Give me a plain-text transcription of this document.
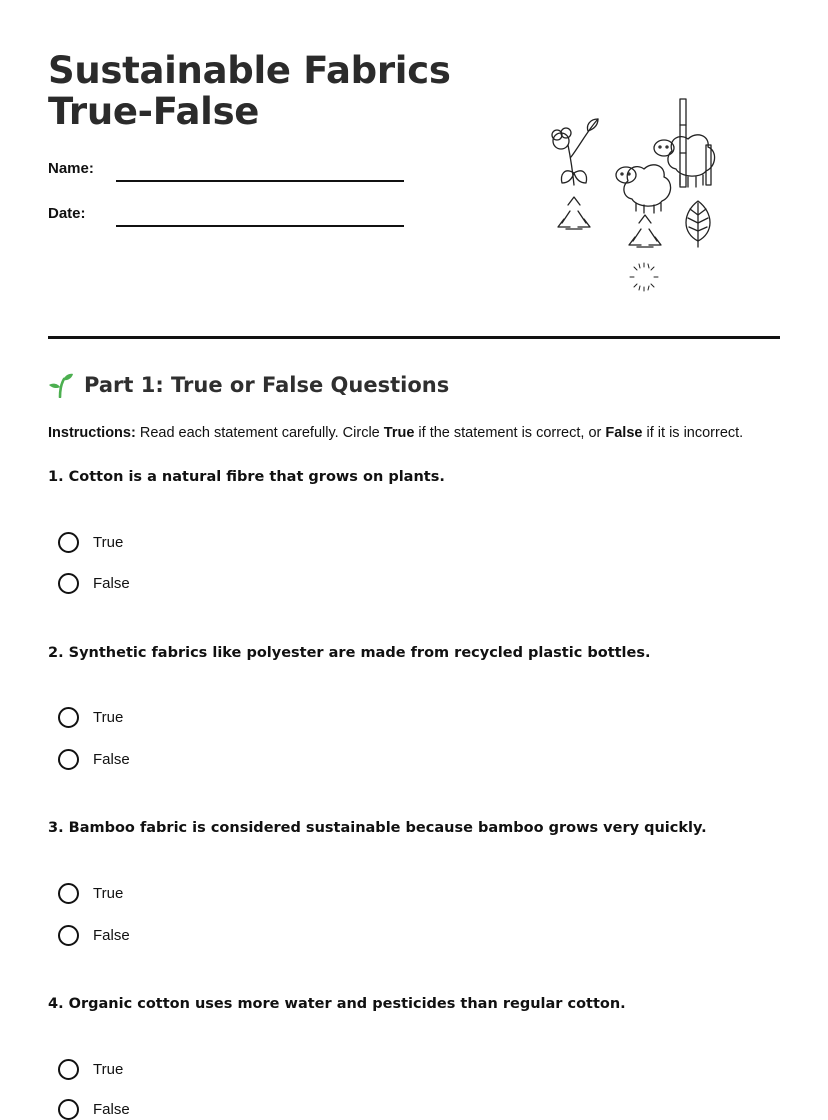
Sustainable Fabrics
True-False
Name:
Date:
Part 1: True or False Questions
Instructions: Read each statement carefully. Circle True if the statement is correct, or False if it is incorrect.

1. Cotton is a natural fibre that grows on plants.

True
False

2. Synthetic fabrics like polyester are made from recycled plastic bottles.

True
False

3. Bamboo fabric is considered sustainable because bamboo grows very quickly.

True
False

4. Organic cotton uses more water and pesticides than regular cotton.

True
False
